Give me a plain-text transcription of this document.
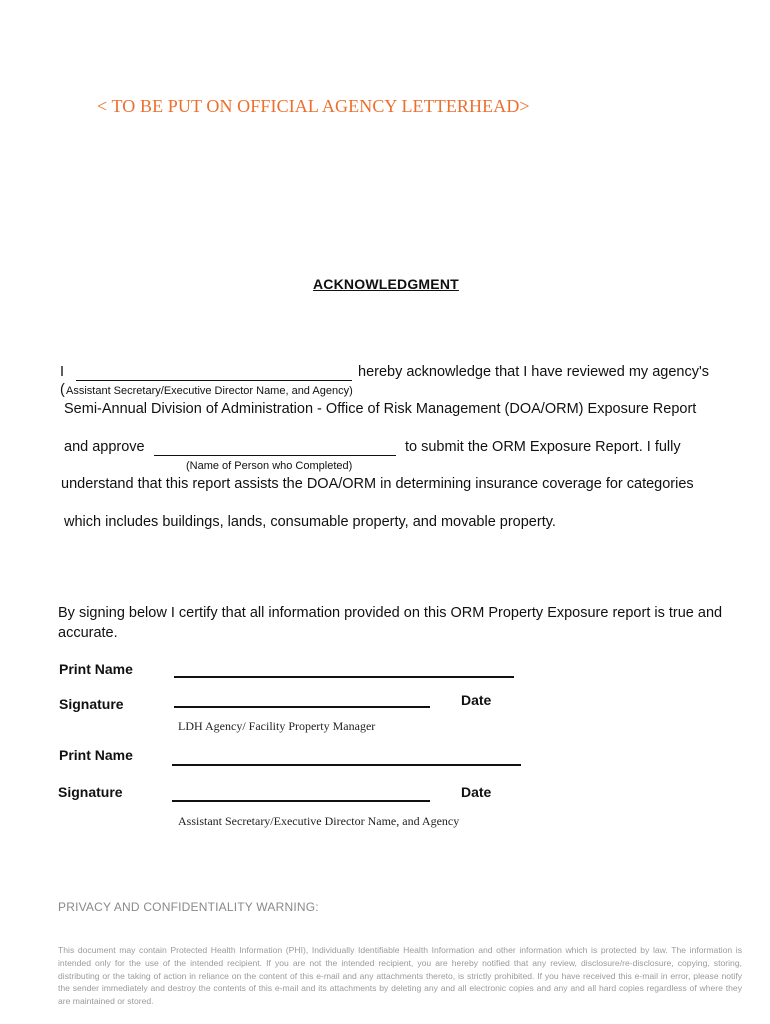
< TO BE PUT ON OFFICIAL AGENCY LETTERHEAD>
ACKNOWLEDGMENT
I	hereby acknowledge that I have reviewed my agency's
( Assistant Secretary/Executive Director Name, and Agency)
Semi-Annual Division of Administration - Office of Risk Management (DOA/ORM) Exposure Report
and approve	to submit the ORM Exposure Report. I fully
(Name of Person who Completed)
understand that this report assists the DOA/ORM in determining insurance coverage for categories
which includes buildings, lands, consumable property, and movable property.
By signing below I certify that all information provided on this ORM Property Exposure report is true and
accurate.
Print Name
Signature	Date
LDH Agency/ Facility Property Manager
Print Name
Signature	Date
Assistant Secretary/Executive Director Name, and Agency
PRIVACY AND CONFIDENTIALITY WARNING:
This document may contain Protected Health Information (PHI), Individually Identifiable Health Information and other information which is protected by law. The information is intended only for the use of the intended recipient. If you are not the intended recipient, you are hereby notified that any review, disclosure/re-disclosure, copying, storing, distributing or the taking of action in reliance on the content of this e-mail and any attachments thereto, is strictly prohibited. If you have received this e-mail in error, please notify the sender immediately and destroy the contents of this e-mail and its attachments by deleting any and all electronic copies and any and all hard copies regardless of where they are maintained or stored.
